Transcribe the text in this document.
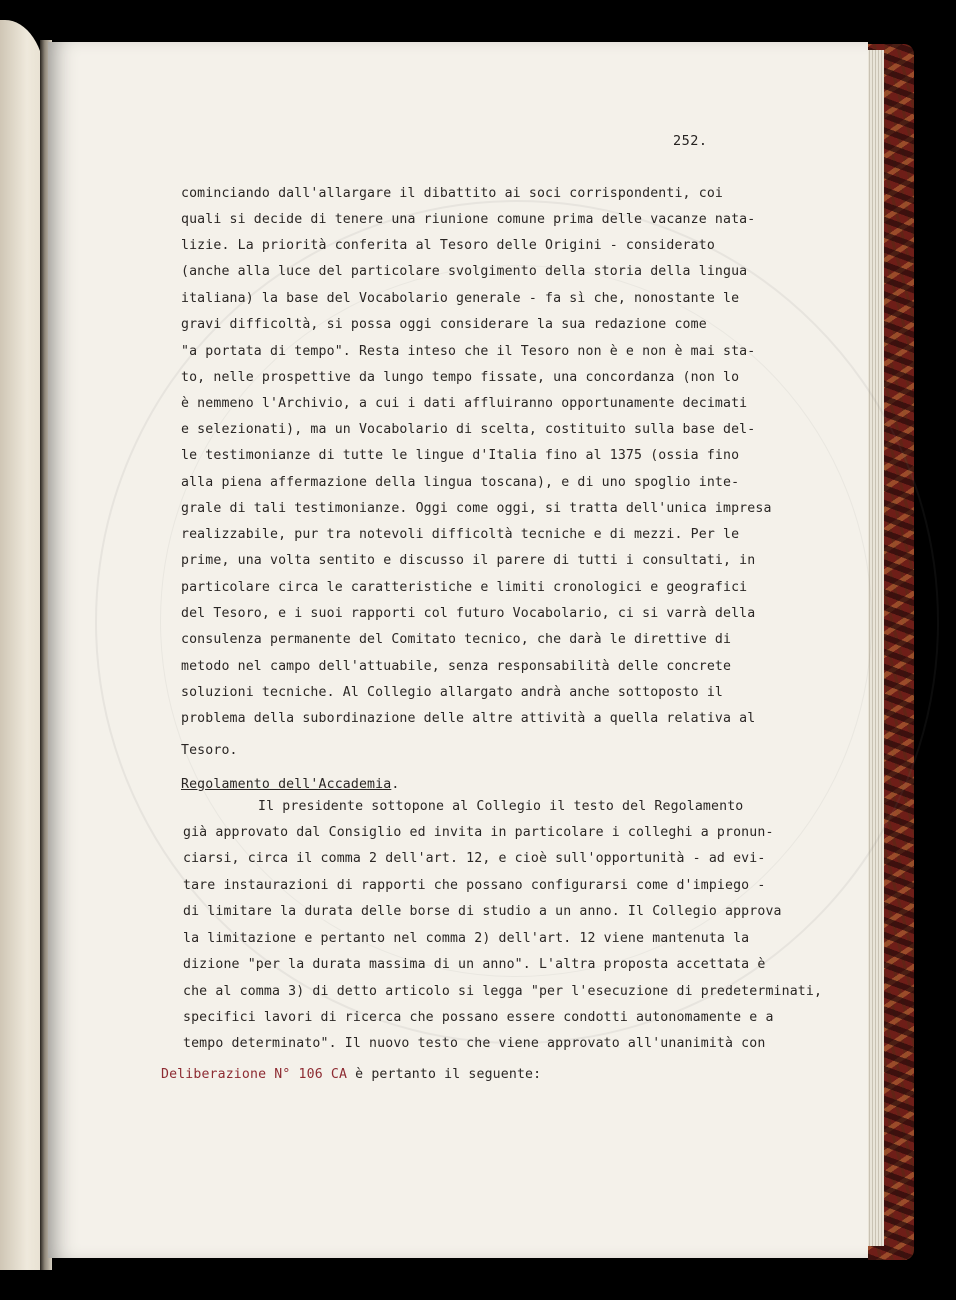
252.
cominciando dall'allargare il dibattito ai soci corrispondenti, coi
quali si decide di tenere una riunione comune prima delle vacanze nata-
lizie. La priorità conferita al Tesoro delle Origini - considerato
(anche alla luce del particolare svolgimento della storia della lingua
italiana) la base del Vocabolario generale - fa sì che, nonostante le
gravi difficoltà, si possa oggi considerare la sua redazione come
"a portata di tempo". Resta inteso che il Tesoro non è e non è mai sta-
to, nelle prospettive da lungo tempo fissate, una concordanza (non lo
è nemmeno l'Archivio, a cui i dati affluiranno opportunamente decimati
e selezionati), ma un Vocabolario di scelta, costituito sulla base del-
le testimonianze di tutte le lingue d'Italia fino al 1375 (ossia fino
alla piena affermazione della lingua toscana), e di uno spoglio inte-
grale di tali testimonianze. Oggi come oggi, si tratta dell'unica impresa
realizzabile, pur tra notevoli difficoltà tecniche e di mezzi. Per le
prime, una volta sentito e discusso il parere di tutti i consultati, in
particolare circa le caratteristiche e limiti cronologici e geografici
del Tesoro, e i suoi rapporti col futuro Vocabolario, ci si varrà della
consulenza permanente del Comitato tecnico, che darà le direttive di
metodo nel campo dell'attuabile, senza responsabilità delle concrete
soluzioni tecniche. Al Collegio allargato andrà anche sottoposto il
problema della subordinazione delle altre attività a quella relativa al
Tesoro.
Regolamento dell'Accademia.
Il presidente sottopone al Collegio il testo del Regolamento
già approvato dal Consiglio ed invita in particolare i colleghi a pronun-
ciarsi, circa il comma 2 dell'art. 12, e cioè sull'opportunità - ad evi-
tare instaurazioni di rapporti che possano configurarsi come d'impiego -
di limitare la durata delle borse di studio a un anno. Il Collegio approva
la limitazione e pertanto nel comma 2) dell'art. 12 viene mantenuta la
dizione "per la durata massima di un anno". L'altra proposta accettata è
che al comma 3) di detto articolo si legga "per l'esecuzione di predeterminati,
specifici lavori di ricerca che possano essere condotti autonomamente e a
tempo determinato". Il nuovo testo che viene approvato all'unanimità con
Deliberazione N° 106 CA è pertanto il seguente:
